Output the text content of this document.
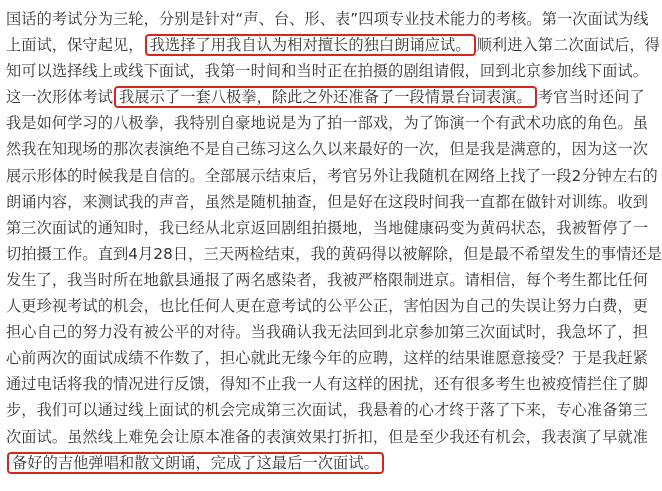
国话的考试分为三轮，分别是针对“声、台、形、表”四项专业技术能力的考核。第一次面试为线
上面试，保守起见， 我选择了用我自认为相对擅长的独白朗诵应试。 顺利进入第二次面试后，得
知可以选择线上或线下面试，我第一时间和当时正在拍摄的剧组请假，回到北京参加线下面试。
这一次形体考试 我展示了一套八极拳，除此之外还准备了一段情景台词表演。 考官当时还问了
我是如何学习的八极拳，我特别自豪地说是为了拍一部戏，为了饰演一个有武术功底的角色。虽
然我在知现场的那次表演绝不是自己练习这么久以来最好的一次，但是我是满意的，因为这一次
展示形体的时候我是自信的。全部展示结束后，考官另外让我随机在网络上找了一段2分钟左右的
朗诵内容，来测试我的声音，虽然是随机抽查，但是好在这段时间我一直都在做针对训练。收到
第三次面试的通知时，我已经从北京返回剧组拍摄地，当地健康码变为黄码状态，我被暂停了一
切拍摄工作。直到4月28日，三天两检结束，我的黄码得以被解除，但是最不希望发生的事情还是
发生了，我当时所在地歙县通报了两名感染者，我被严格限制进京。请相信，每个考生都比任何
人更珍视考试的机会，也比任何人更在意考试的公平公正，害怕因为自己的失误让努力白费，更
担心自己的努力没有被公平的对待。当我确认我无法回到北京参加第三次面试时，我急坏了，担
心前两次的面试成绩不作数了，担心就此无缘今年的应聘，这样的结果谁愿意接受？于是我赶紧
通过电话将我的情况进行反馈，得知不止我一人有这样的困扰，还有很多考生也被疫情拦住了脚
步，我们可以通过线上面试的机会完成第三次面试，我悬着的心才终于落了下来，专心准备第三
次面试。虽然线上难免会让原本准备的表演效果打折扣，但是至少我还有机会，我表演了早就准
备好的吉他弹唱和散文朗诵，完成了这最后一次面试。
